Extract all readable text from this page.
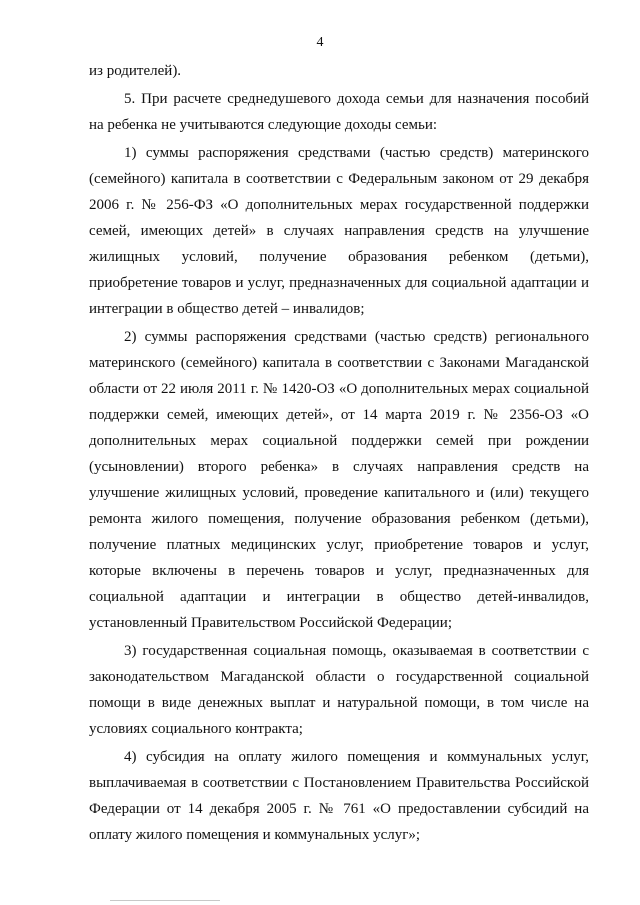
4

из родителей).

5. При расчете среднедушевого дохода семьи для назначения пособий на ребенка не учитываются следующие доходы семьи:

1) суммы распоряжения средствами (частью средств) материнского (семейного) капитала в соответствии с Федеральным законом от 29 декабря 2006 г. № 256-ФЗ «О дополнительных мерах государственной поддержки семей, имеющих детей» в случаях направления средств на улучшение жилищных условий, получение образования ребенком (детьми), приобретение товаров и услуг, предназначенных для социальной адаптации и интеграции в общество детей – инвалидов;

2) суммы распоряжения средствами (частью средств) регионального материнского (семейного) капитала в соответствии с Законами Магаданской области от 22 июля 2011 г. № 1420-ОЗ «О дополнительных мерах социальной поддержки семей, имеющих детей», от 14 марта 2019 г. № 2356-ОЗ «О дополнительных мерах социальной поддержки семей при рождении (усыновлении) второго ребенка» в случаях направления средств на улучшение жилищных условий, проведение капитального и (или) текущего ремонта жилого помещения, получение образования ребенком (детьми), получение платных медицинских услуг, приобретение товаров и услуг, которые включены в перечень товаров и услуг, предназначенных для социальной адаптации и интеграции в общество детей-инвалидов, установленный Правительством Российской Федерации;

3) государственная социальная помощь, оказываемая в соответствии с законодательством Магаданской области о государственной социальной помощи в виде денежных выплат и натуральной помощи, в том числе на условиях социального контракта;

4) субсидия на оплату жилого помещения и коммунальных услуг, выплачиваемая в соответствии с Постановлением Правительства Российской Федерации от 14 декабря 2005 г. № 761 «О предоставлении субсидий на оплату жилого помещения и коммунальных услуг»;
